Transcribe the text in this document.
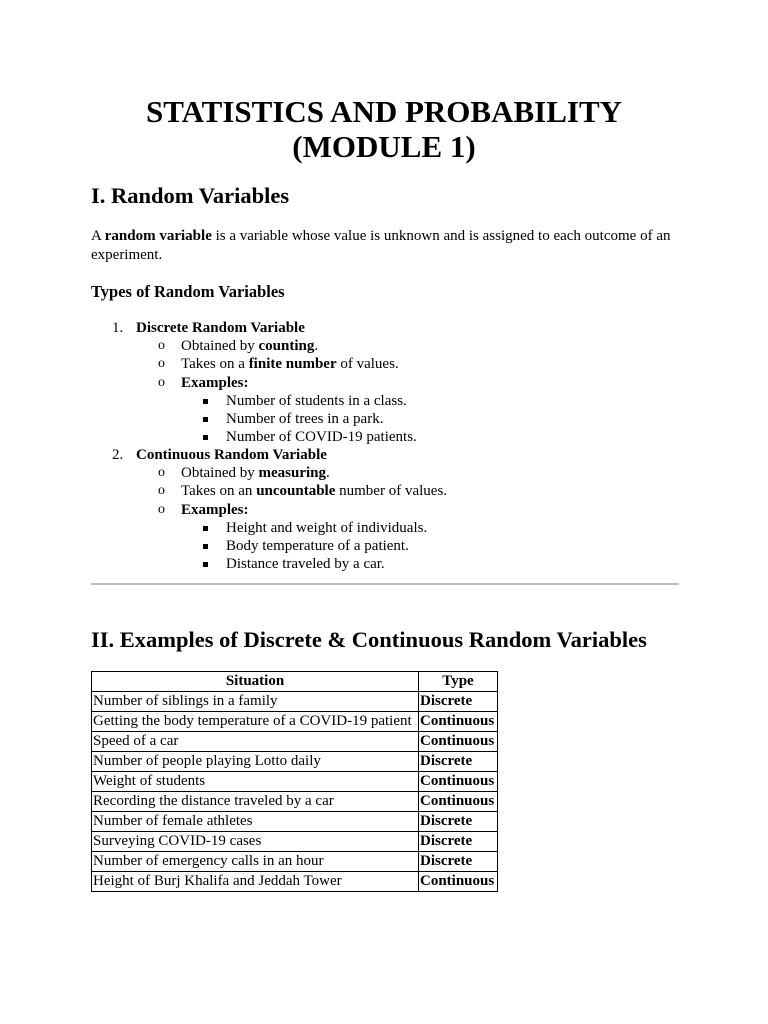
STATISTICS AND PROBABILITY
(MODULE 1)
I. Random Variables

A random variable is a variable whose value is unknown and is assigned to each outcome of an experiment.

Types of Random Variables
1. Discrete Random Variable
o Obtained by counting.
o Takes on a finite number of values.
o Examples:
Number of students in a class.
Number of trees in a park.
Number of COVID-19 patients.
2. Continuous Random Variable
o Obtained by measuring.
o Takes on an uncountable number of values.
o Examples:
Height and weight of individuals.
Body temperature of a patient.
Distance traveled by a car.
II. Examples of Discrete & Continuous Random Variables
Situation	Type
Number of siblings in a family	Discrete
Getting the body temperature of a COVID-19 patient	Continuous
Speed of a car	Continuous
Number of people playing Lotto daily	Discrete
Weight of students	Continuous
Recording the distance traveled by a car	Continuous
Number of female athletes	Discrete
Surveying COVID-19 cases	Discrete
Number of emergency calls in an hour	Discrete
Height of Burj Khalifa and Jeddah Tower	Continuous
